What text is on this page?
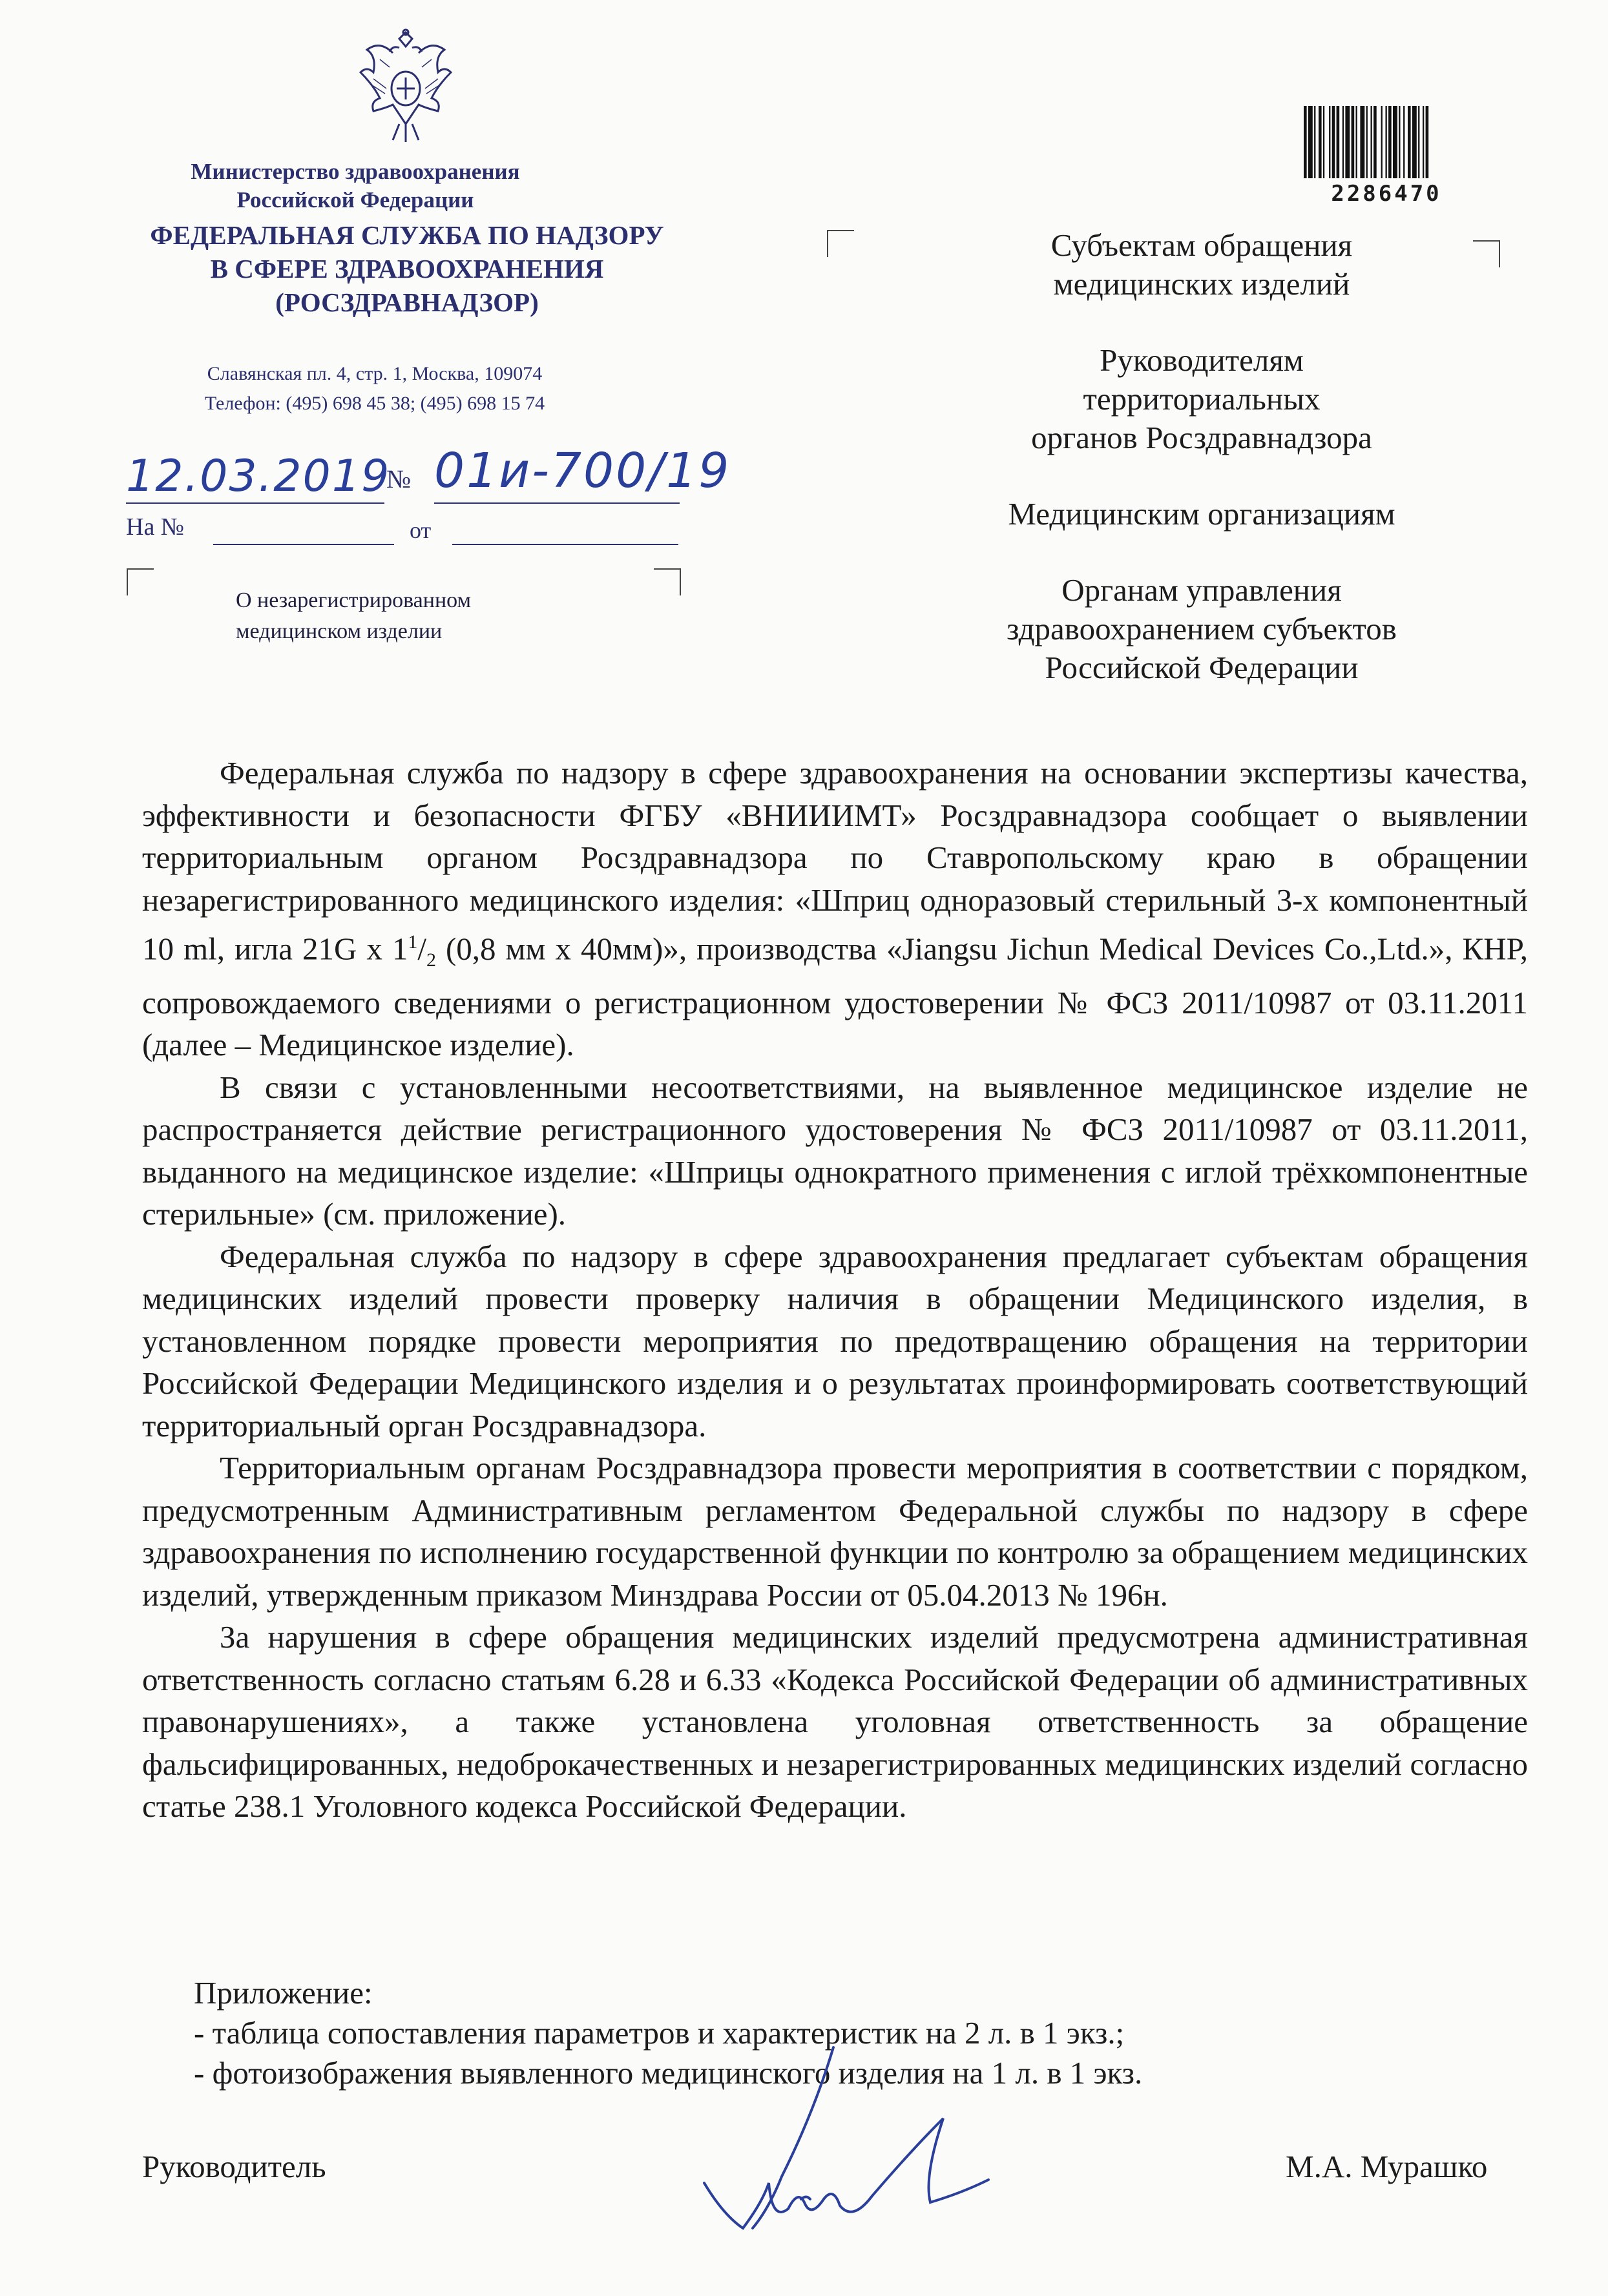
Министерство здравоохранения
Российской Федерации
ФЕДЕРАЛЬНАЯ СЛУЖБА ПО НАДЗОРУ
В СФЕРЕ ЗДРАВООХРАНЕНИЯ
(РОСЗДРАВНАДЗОР)
Славянская пл. 4, стр. 1, Москва, 109074
Телефон: (495) 698 45 38; (495) 698 15 74
12.03.2019
№ 01и-700/19
На №	от
О незарегистрированном
медицинском изделии
2286470
Субъектам обращения
медицинских изделий
Руководителям
территориальных
органов Росздравнадзора
Медицинским организациям
Органам управления
здравоохранением субъектов
Российской Федерации

Федеральная служба по надзору в сфере здравоохранения на основании экспертизы качества, эффективности и безопасности ФГБУ «ВНИИИМТ» Росздравнадзора сообщает о выявлении территориальным органом Росздравнадзора по Ставропольскому краю в обращении незарегистрированного медицинского изделия: «Шприц одноразовый стерильный 3-х компонентный 10 ml, игла 21G x $1^1/_2$ (0,8 мм x 40мм)», производства «Jiangsu Jichun Medical Devices Co.,Ltd.», КНР, сопровождаемого сведениями о регистрационном удостоверении № ФСЗ 2011/10987 от 03.11.2011 (далее – Медицинское изделие).

В связи с установленными несоответствиями, на выявленное медицинское изделие не распространяется действие регистрационного удостоверения № ФСЗ 2011/10987 от 03.11.2011, выданного на медицинское изделие: «Шприцы однократного применения с иглой трёхкомпонентные стерильные» (см. приложение).

Федеральная служба по надзору в сфере здравоохранения предлагает субъектам обращения медицинских изделий провести проверку наличия в обращении Медицинского изделия, в установленном порядке провести мероприятия по предотвращению обращения на территории Российской Федерации Медицинского изделия и о результатах проинформировать соответствующий территориальный орган Росздравнадзора.

Территориальным органам Росздравнадзора провести мероприятия в соответствии с порядком, предусмотренным Административным регламентом Федеральной службы по надзору в сфере здравоохранения по исполнению государственной функции по контролю за обращением медицинских изделий, утвержденным приказом Минздрава России от 05.04.2013 № 196н.

За нарушения в сфере обращения медицинских изделий предусмотрена административная ответственность согласно статьям 6.28 и 6.33 «Кодекса Российской Федерации об административных правонарушениях», а также установлена уголовная ответственность за обращение фальсифицированных, недоброкачественных и незарегистрированных медицинских изделий согласно статье 238.1 Уголовного кодекса Российской Федерации.

Приложение:
- таблица сопоставления параметров и характеристик на 2 л. в 1 экз.;
- фотоизображения выявленного медицинского изделия на 1 л. в 1 экз.
Руководитель	М.А. Мурашко
